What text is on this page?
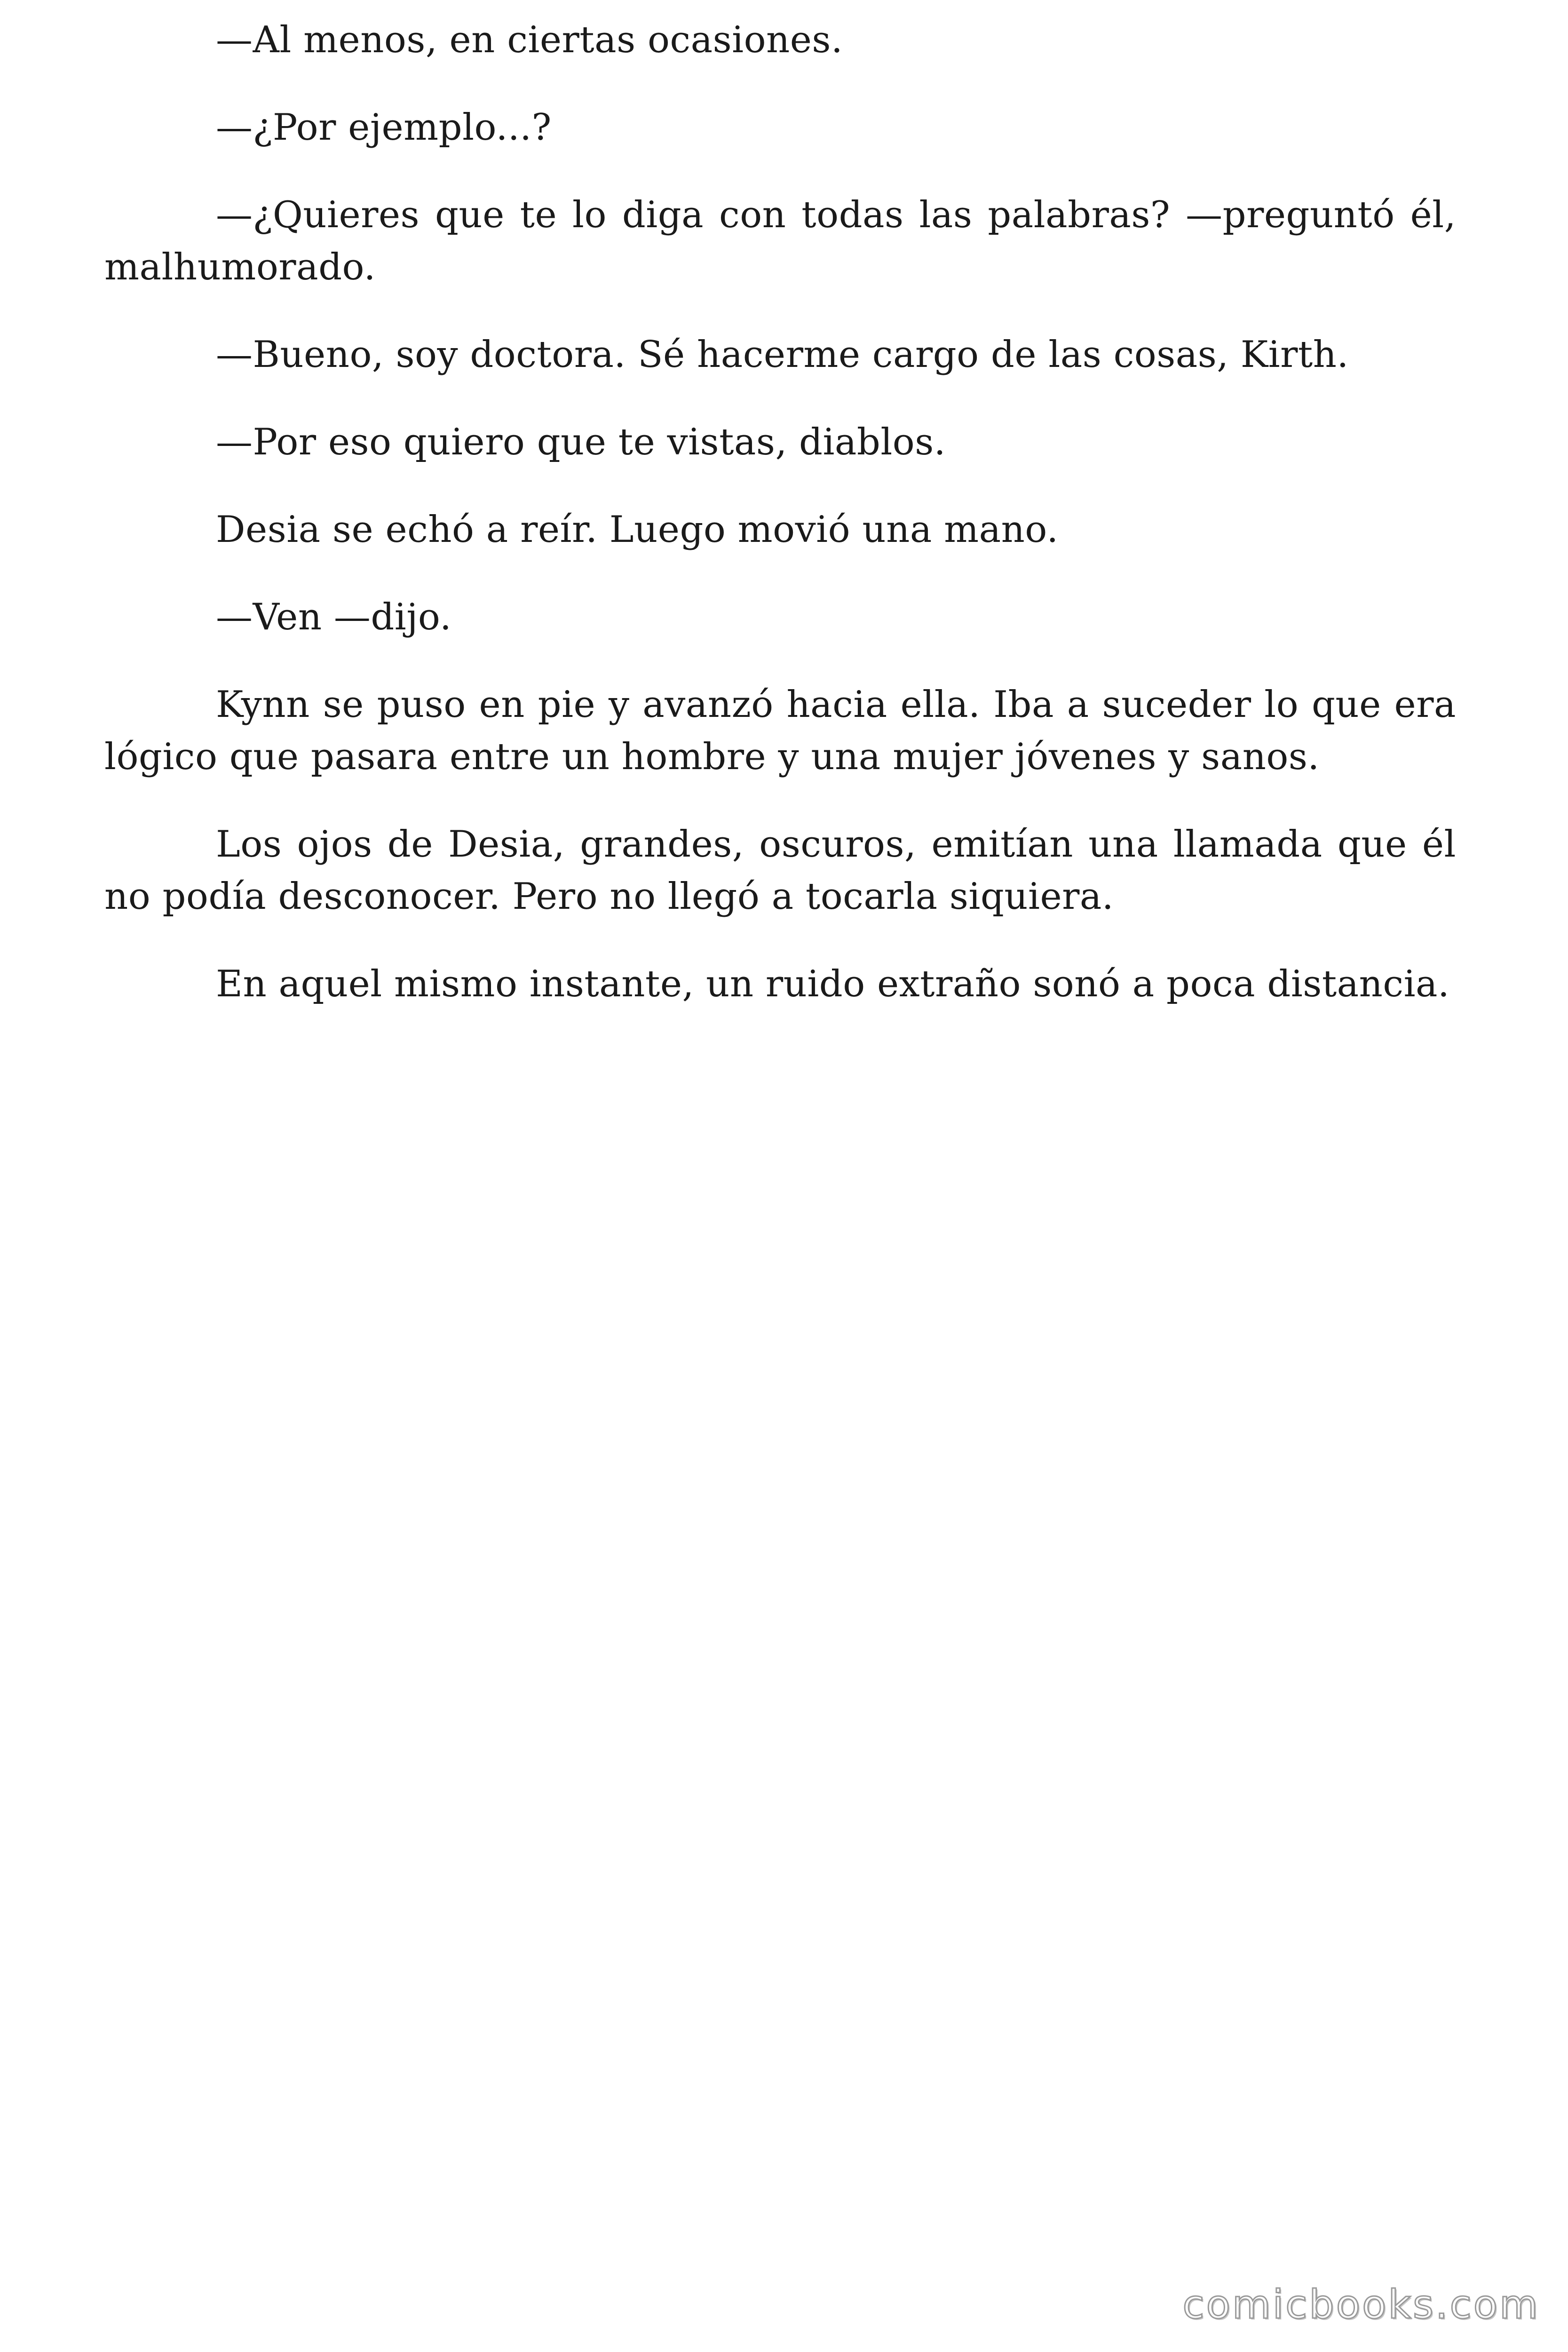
—Al menos, en ciertas ocasiones.

—¿Por ejemplo...?

—¿Quieres que te lo diga con todas las palabras? —preguntó él, malhumorado.

—Bueno, soy doctora. Sé hacerme cargo de las cosas, Kirth.

—Por eso quiero que te vistas, diablos.

Desia se echó a reír. Luego movió una mano.

—Ven —dijo.

Kynn se puso en pie y avanzó hacia ella. Iba a suceder lo que era lógico que pasara entre un hombre y una mujer jóvenes y sanos.

Los ojos de Desia, grandes, oscuros, emitían una llamada que él no podía desconocer. Pero no llegó a tocarla siquiera.

En aquel mismo instante, un ruido extraño sonó a poca distancia.

comicbooks.com
